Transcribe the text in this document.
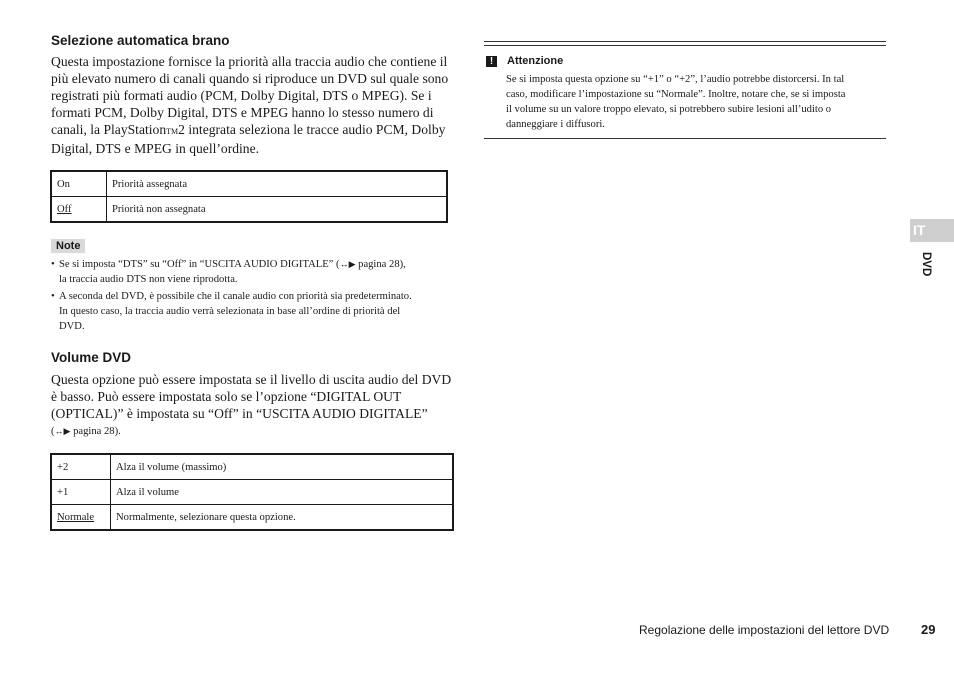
Selezione automatica brano
Questa impostazione fornisce la priorità alla traccia audio che contiene il
più elevato numero di canali quando si riproduce un DVD sul quale sono
registrati più formati audio (PCM, Dolby Digital, DTS o MPEG). Se i
formati PCM, Dolby Digital, DTS e MPEG hanno lo stesso numero di
canali, la PlayStationTM2 integrata seleziona le tracce audio PCM, Dolby
Digital, DTS e MPEG in quell’ordine.
On	Priorità assegnata
Off	Priorità non assegnata
Note
• Se si imposta “DTS” su “Off” in “USCITA AUDIO DIGITALE” (↔▶ pagina 28),
la traccia audio DTS non viene riprodotta.
• A seconda del DVD, è possibile che il canale audio con priorità sia predeterminato.
In questo caso, la traccia audio verrà selezionata in base all’ordine di priorità del
DVD.
Volume DVD
Questa opzione può essere impostata se il livello di uscita audio del DVD
è basso. Può essere impostata solo se l’opzione “DIGITAL OUT
(OPTICAL)” è impostata su “Off” in “USCITA AUDIO DIGITALE”
(↔▶ pagina 28).
+2	Alza il volume (massimo)
+1	Alza il volume
Normale	Normalmente, selezionare questa opzione.
! Attenzione
Se si imposta questa opzione su “+1” o “+2”, l’audio potrebbe distorcersi. In tal
caso, modificare l’impostazione su “Normale”. Inoltre, notare che, se si imposta
il volume su un valore troppo elevato, si potrebbero subire lesioni all’udito o
danneggiare i diffusori.
IT
DVD
Regolazione delle impostazioni del lettore DVD 29
